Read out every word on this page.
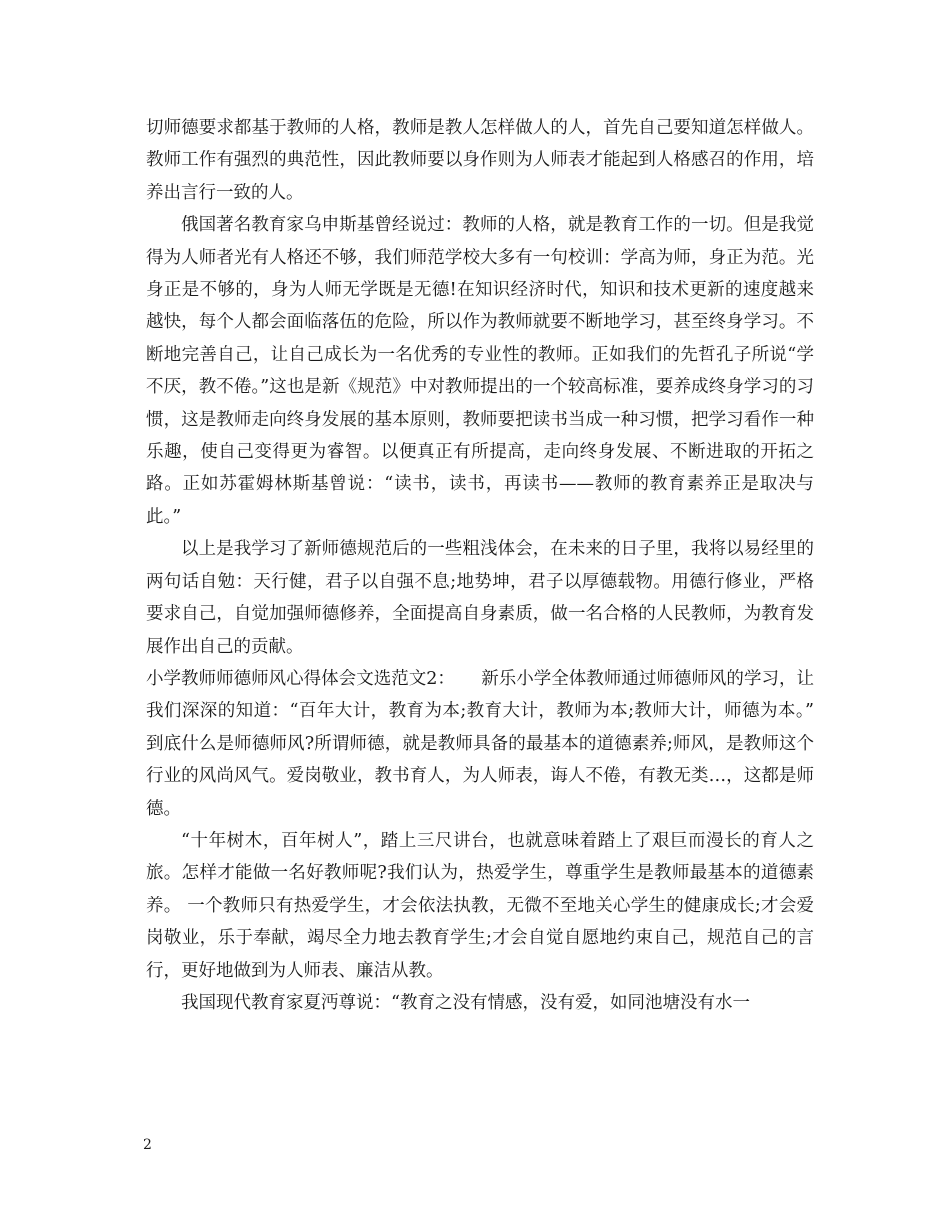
切师德要求都基于教师的人格，教师是教人怎样做人的人，首先自己要知道怎样做人。教师工作有强烈的典范性，因此教师要以身作则为人师表才能起到人格感召的作用，培养出言行一致的人。

俄国著名教育家乌申斯基曾经说过：教师的人格，就是教育工作的一切。但是我觉得为人师者光有人格还不够，我们师范学校大多有一句校训：学高为师，身正为范。光身正是不够的，身为人师无学既是无德!在知识经济时代，知识和技术更新的速度越来越快，每个人都会面临落伍的危险，所以作为教师就要不断地学习，甚至终身学习。不断地完善自己，让自己成长为一名优秀的专业性的教师。正如我们的先哲孔子所说“学不厌，教不倦。”这也是新《规范》中对教师提出的一个较高标准，要养成终身学习的习惯，这是教师走向终身发展的基本原则，教师要把读书当成一种习惯，把学习看作一种乐趣，使自己变得更为睿智。以便真正有所提高，走向终身发展、不断进取的开拓之路。正如苏霍姆林斯基曾说：“读书，读书，再读书——教师的教育素养正是取决与此。”

以上是我学习了新师德规范后的一些粗浅体会，在未来的日子里，我将以易经里的两句话自勉：天行健，君子以自强不息;地势坤，君子以厚德载物。用德行修业，严格要求自己，自觉加强师德修养，全面提高自身素质，做一名合格的人民教师，为教育发展作出自己的贡献。

小学教师师德师风心得体会文选范文2：　　新乐小学全体教师通过师德师风的学习，让我们深深的知道：“百年大计，教育为本;教育大计，教师为本;教师大计，师德为本。” 到底什么是师德师风?所谓师德，就是教师具备的最基本的道德素养;师风，是教师这个行业的风尚风气。爱岗敬业，教书育人，为人师表，诲人不倦，有教无类…，这都是师德。

“十年树木，百年树人”，踏上三尺讲台，也就意味着踏上了艰巨而漫长的育人之旅。怎样才能做一名好教师呢?我们认为，热爱学生，尊重学生是教师最基本的道德素养。 一个教师只有热爱学生，才会依法执教，无微不至地关心学生的健康成长;才会爱岗敬业，乐于奉献，竭尽全力地去教育学生;才会自觉自愿地约束自己，规范自己的言行，更好地做到为人师表、廉洁从教。

我国现代教育家夏沔尊说：“教育之没有情感，没有爱，如同池塘没有水一

2
